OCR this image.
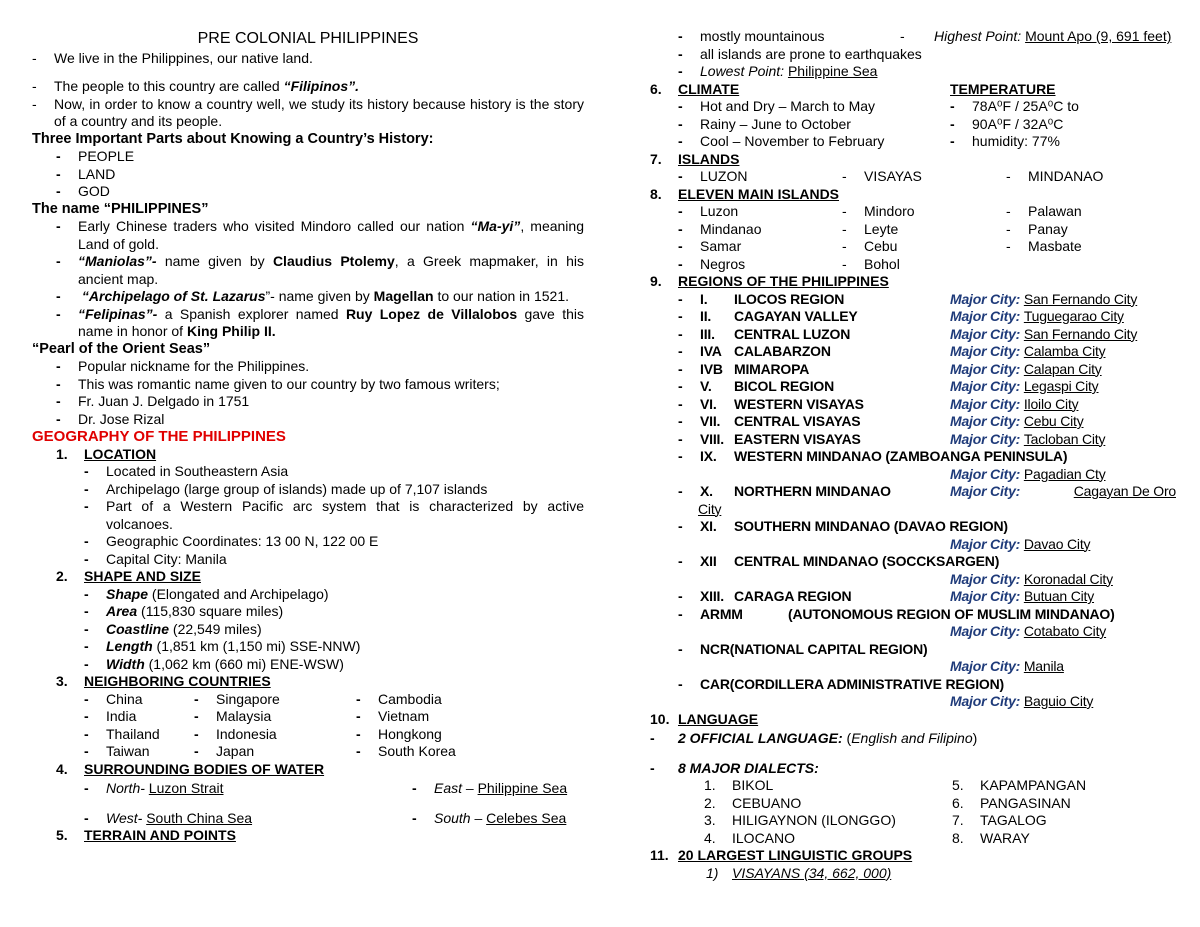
PRE COLONIAL PHILIPPINES
-	We live in the Philippines, our native land.
-	The people to this country are called “Filipinos”.
-	Now, in order to know a country well, we study its history because history is the story of a country and its people.
Three Important Parts about Knowing a Country’s History:
-	PEOPLE
-	LAND
-	GOD
The name “PHILIPPINES”
-	Early Chinese traders who visited Mindoro called our nation “Ma-yi”, meaning Land of gold.
-	“Maniolas”- name given by Claudius Ptolemy, a Greek mapmaker, in his ancient map.
-	“Archipelago of St. Lazarus”- name given by Magellan to our nation in 1521.
-	“Felipinas”- a Spanish explorer named Ruy Lopez de Villalobos gave this name in honor of King Philip II.
“Pearl of the Orient Seas”
-	Popular nickname for the Philippines.
-	This was romantic name given to our country by two famous writers;
-	Fr. Juan J. Delgado in 1751
-	Dr. Jose Rizal
GEOGRAPHY OF THE PHILIPPINES
1.	LOCATION
-	Located in Southeastern Asia
-	Archipelago (large group of islands) made up of 7,107 islands
-	Part of a Western Pacific arc system that is characterized by active volcanoes.
-	Geographic Coordinates: 13 00 N, 122 00 E
-	Capital City: Manila
2.	SHAPE AND SIZE
-	Shape (Elongated and Archipelago)
-	Area (115,830 square miles)
-	Coastline (22,549 miles)
-	Length (1,851 km (1,150 mi) SSE-NNW)
-	Width (1,062 km (660 mi) ENE-WSW)
3.	NEIGHBORING COUNTRIES
-	China	-	Singapore	-	Cambodia
-	India	-	Malaysia	-	Vietnam
-	Thailand -	Indonesia	-	Hongkong
-	Taiwan	-	Japan	-	South Korea
4.	SURROUNDING BODIES OF WATER
-	North- Luzon Strait	-	East – Philippine Sea
-	West- South China Sea	-	South – Celebes Sea
5.	TERRAIN AND POINTS
-	mostly mountainous	-	Highest Point: Mount Apo (9, 691 feet)
-	all islands are prone to earthquakes
-	Lowest Point: Philippine Sea
6.	CLIMATE	TEMPERATURE
-	Hot and Dry – March to May	-	78A⁰F / 25A⁰C to
-	Rainy – June to October	-	90A⁰F / 32A⁰C
-	Cool – November to February	-	humidity: 77%
7.	ISLANDS
-	LUZON	-	VISAYAS	-	MINDANAO
8.	ELEVEN MAIN ISLANDS
-	Luzon	-	Mindoro	-	Palawan
-	Mindanao	-	Leyte	-	Panay
-	Samar	-	Cebu	-	Masbate
-	Negros	-	Bohol
9.	REGIONS OF THE PHILIPPINES
-	I.	ILOCOS REGION	Major City: San Fernando City
-	II.	CAGAYAN VALLEY	Major City: Tuguegarao City
-	III.	CENTRAL LUZON	Major City: San Fernando City
-	IVA CALABARZON	Major City: Calamba City
-	IVB MIMAROPA	Major City: Calapan City
-	V.	BICOL REGION	Major City: Legaspi City
-	VI.	WESTERN VISAYAS	Major City: Iloilo City
-	VII. CENTRAL VISAYAS	Major City: Cebu City
-	VIII. EASTERN VISAYAS	Major City: Tacloban City
-	IX.	WESTERN MINDANAO (ZAMBOANGA PENINSULA)
Major City: Pagadian Cty
-	X.	NORTHERN MINDANAO	Major City:	Cagayan De Oro
City
-	XI.	SOUTHERN MINDANAO (DAVAO REGION)
Major City: Davao City
-	XII	CENTRAL MINDANAO (SOCCKSARGEN)
Major City: Koronadal City
-	XIII. CARAGA REGION	Major City: Butuan City
-	ARMM	(AUTONOMOUS REGION OF MUSLIM MINDANAO)
Major City: Cotabato City
-	NCR(NATIONAL CAPITAL REGION)
Major City: Manila
-	CAR(CORDILLERA ADMINISTRATIVE REGION)
Major City: Baguio City
10. LANGUAGE
-	2 OFFICIAL LANGUAGE: (English and Filipino)
-	8 MAJOR DIALECTS:
1.	BIKOL	5.	KAPAMPANGAN
2.	CEBUANO	6.	PANGASINAN
3.	HILIGAYNON (ILONGGO)	7.	TAGALOG
4.	ILOCANO	8.	WARAY
11. 20 LARGEST LINGUISTIC GROUPS
1) VISAYANS (34, 662, 000)
